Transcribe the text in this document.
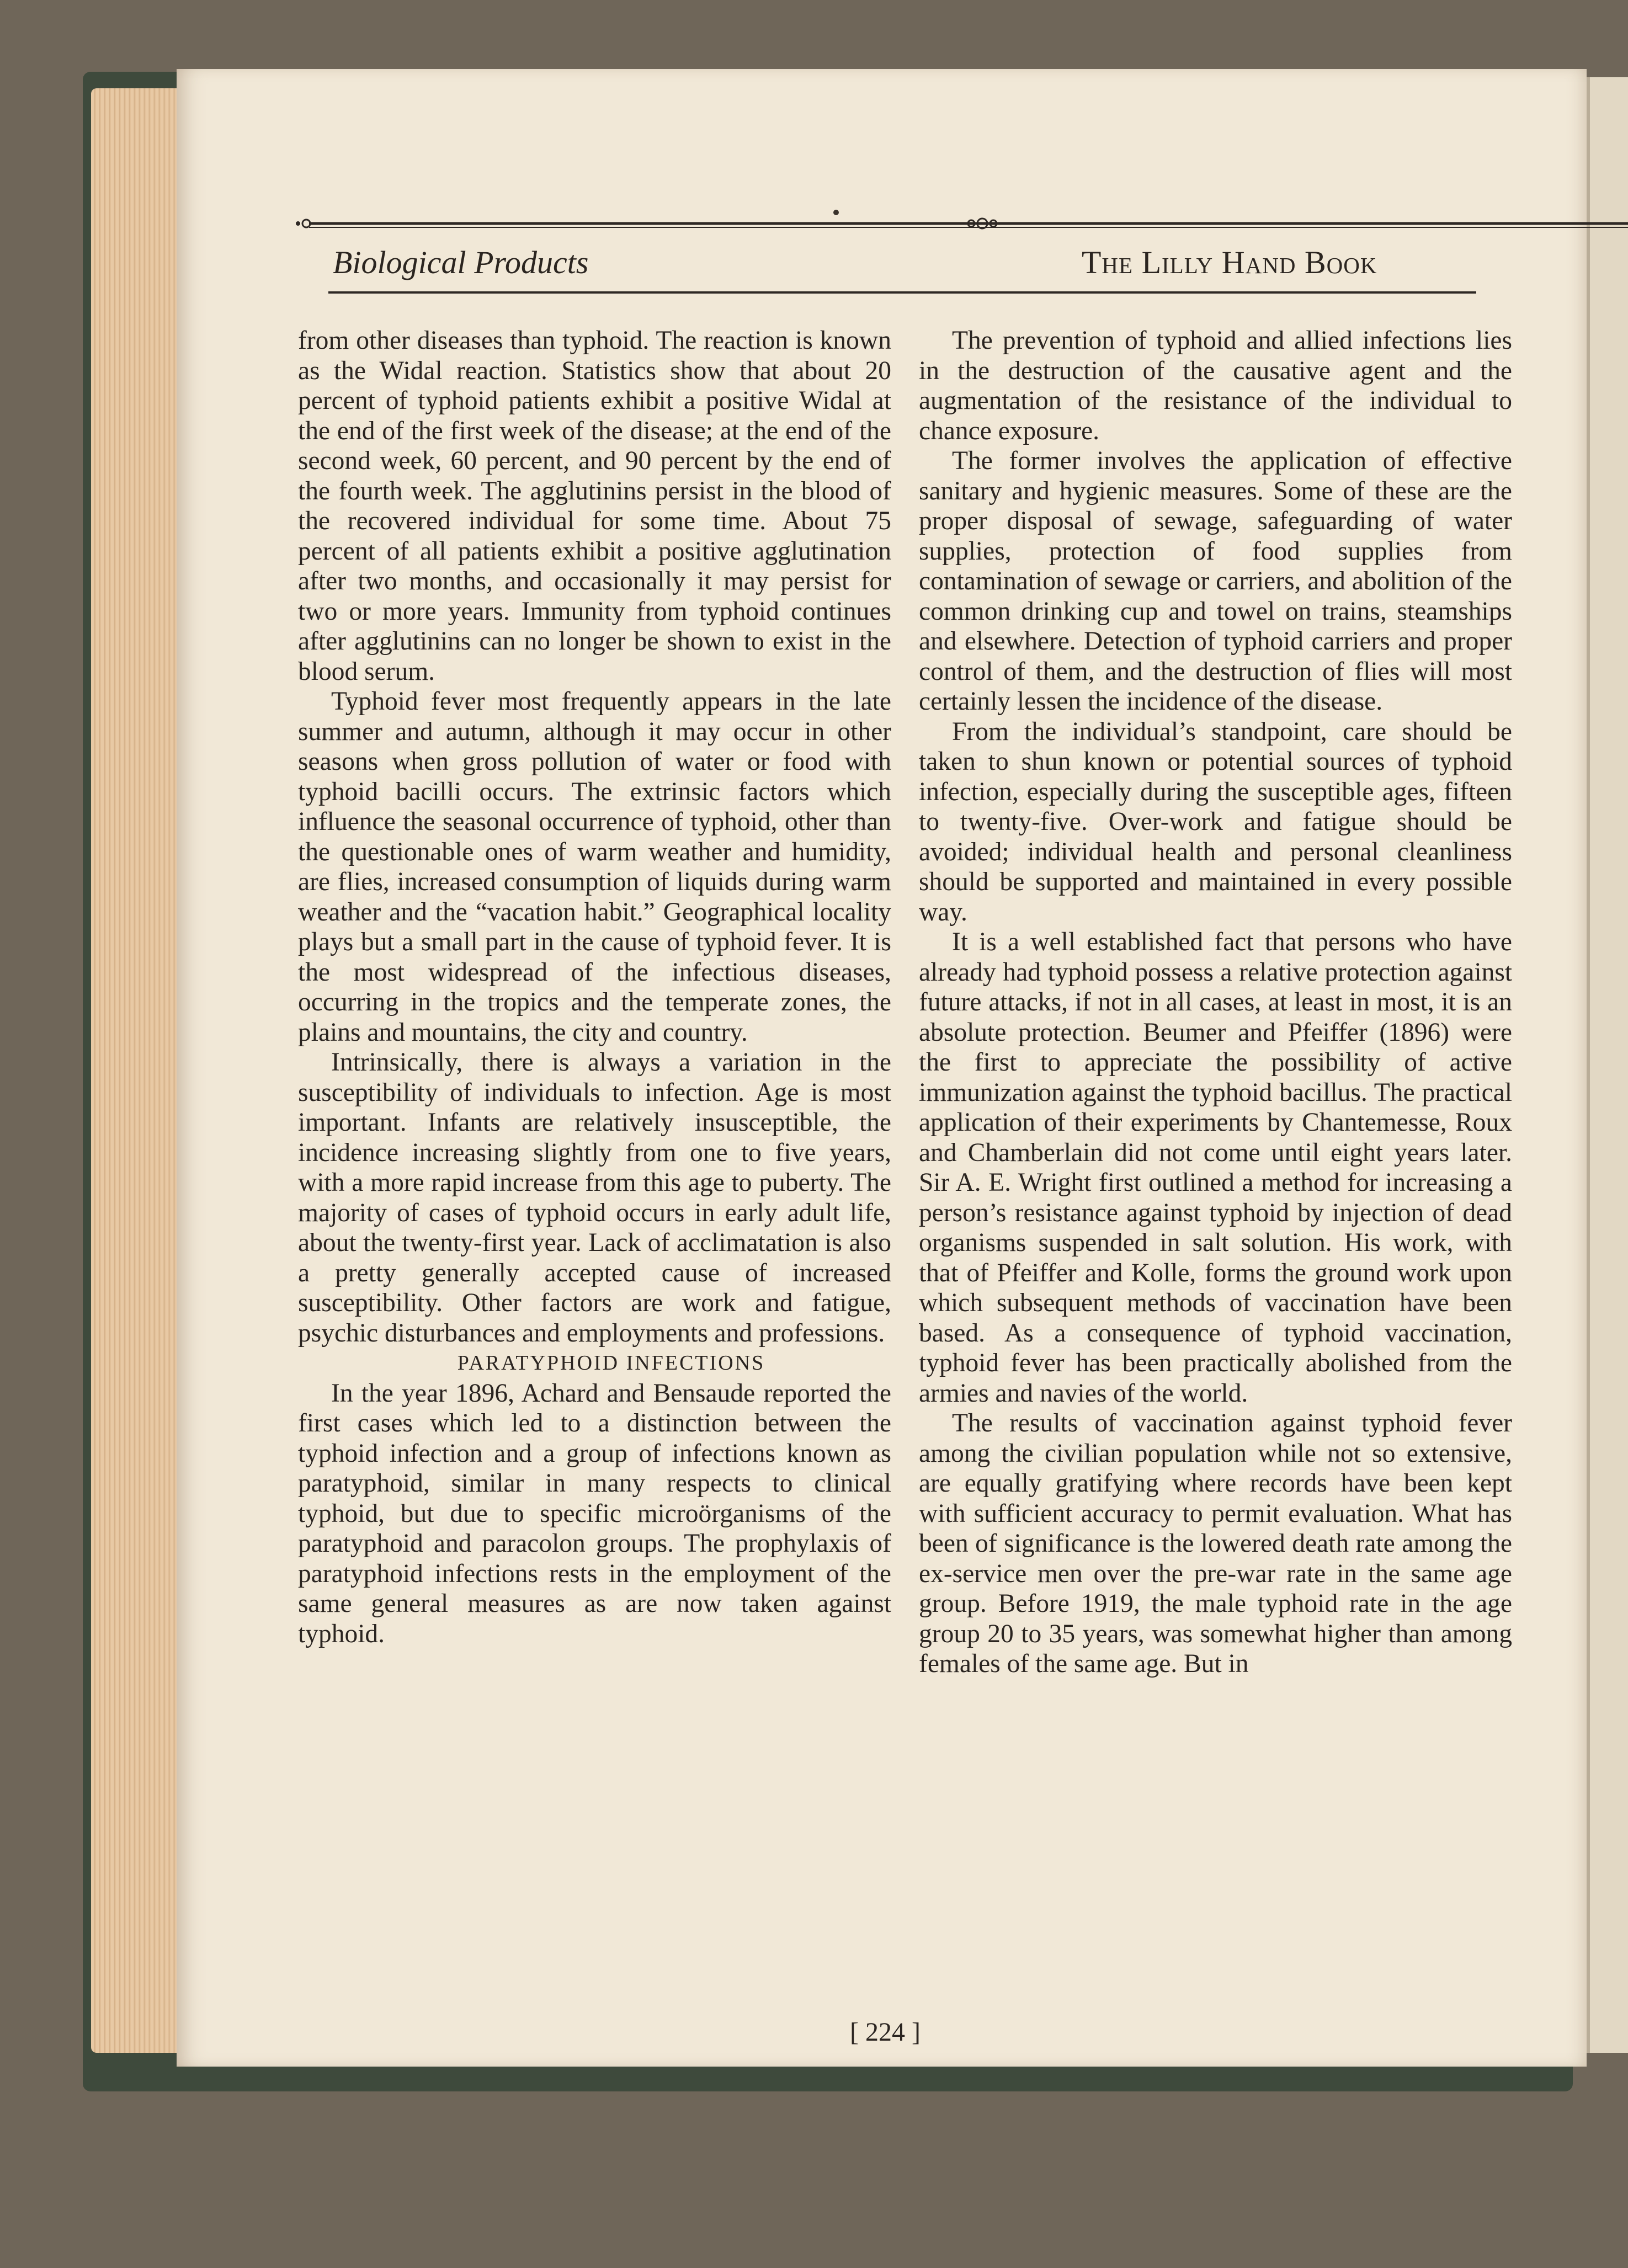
Biological Products	The Lilly Hand Book

from other diseases than typhoid. The reaction is known as the Widal reaction. Statistics show that about 20 percent of typhoid patients exhibit a positive Widal at the end of the first week of the disease; at the end of the second week, 60 percent, and 90 percent by the end of the fourth week. The agglutinins persist in the blood of the recovered individual for some time. About 75 percent of all patients exhibit a positive agglutination after two months, and occasionally it may persist for two or more years. Immunity from typhoid continues after agglutinins can no longer be shown to exist in the blood serum.

Typhoid fever most frequently appears in the late summer and autumn, although it may occur in other seasons when gross pollution of water or food with typhoid bacilli occurs. The extrinsic factors which influence the seasonal occurrence of typhoid, other than the questionable ones of warm weather and humidity, are flies, increased consumption of liquids during warm weather and the “vacation habit.” Geographical locality plays but a small part in the cause of typhoid fever. It is the most widespread of the infectious diseases, occurring in the tropics and the temperate zones, the plains and mountains, the city and country.

Intrinsically, there is always a variation in the susceptibility of individuals to infection. Age is most important. Infants are relatively insusceptible, the incidence increasing slightly from one to five years, with a more rapid increase from this age to puberty. The majority of cases of typhoid occurs in early adult life, about the twenty-first year. Lack of acclimatation is also a pretty generally accepted cause of increased susceptibility. Other factors are work and fatigue, psychic disturbances and employments and professions.

PARATYPHOID INFECTIONS

In the year 1896, Achard and Bensaude reported the first cases which led to a distinction between the typhoid infection and a group of infections known as paratyphoid, similar in many respects to clinical typhoid, but due to specific microörganisms of the paratyphoid and paracolon groups. The prophylaxis of paratyphoid infections rests in the employment of the same general measures as are now taken against typhoid.

The prevention of typhoid and allied infections lies in the destruction of the causative agent and the augmentation of the resistance of the individual to chance exposure.

The former involves the application of effective sanitary and hygienic measures. Some of these are the proper disposal of sewage, safeguarding of water supplies, protection of food supplies from contamination of sewage or carriers, and abolition of the common drinking cup and towel on trains, steamships and elsewhere. Detection of typhoid carriers and proper control of them, and the destruction of flies will most certainly lessen the incidence of the disease.

From the individual’s standpoint, care should be taken to shun known or potential sources of typhoid infection, especially during the susceptible ages, fifteen to twenty-five. Over-work and fatigue should be avoided; individual health and personal cleanliness should be supported and maintained in every possible way.

It is a well established fact that persons who have already had typhoid possess a relative protection against future attacks, if not in all cases, at least in most, it is an absolute protection. Beumer and Pfeiffer (1896) were the first to appreciate the possibility of active immunization against the typhoid bacillus. The practical application of their experiments by Chantemesse, Roux and Chamberlain did not come until eight years later. Sir A. E. Wright first outlined a method for increasing a person’s resistance against typhoid by injection of dead organisms suspended in salt solution. His work, with that of Pfeiffer and Kolle, forms the ground work upon which subsequent methods of vaccination have been based. As a consequence of typhoid vaccination, typhoid fever has been practically abolished from the armies and navies of the world.

The results of vaccination against typhoid fever among the civilian population while not so extensive, are equally gratifying where records have been kept with sufficient accuracy to permit evaluation. What has been of significance is the lowered death rate among the ex-service men over the pre-war rate in the same age group. Before 1919, the male typhoid rate in the age group 20 to 35 years, was somewhat higher than among females of the same age. But in

[ 224 ]
